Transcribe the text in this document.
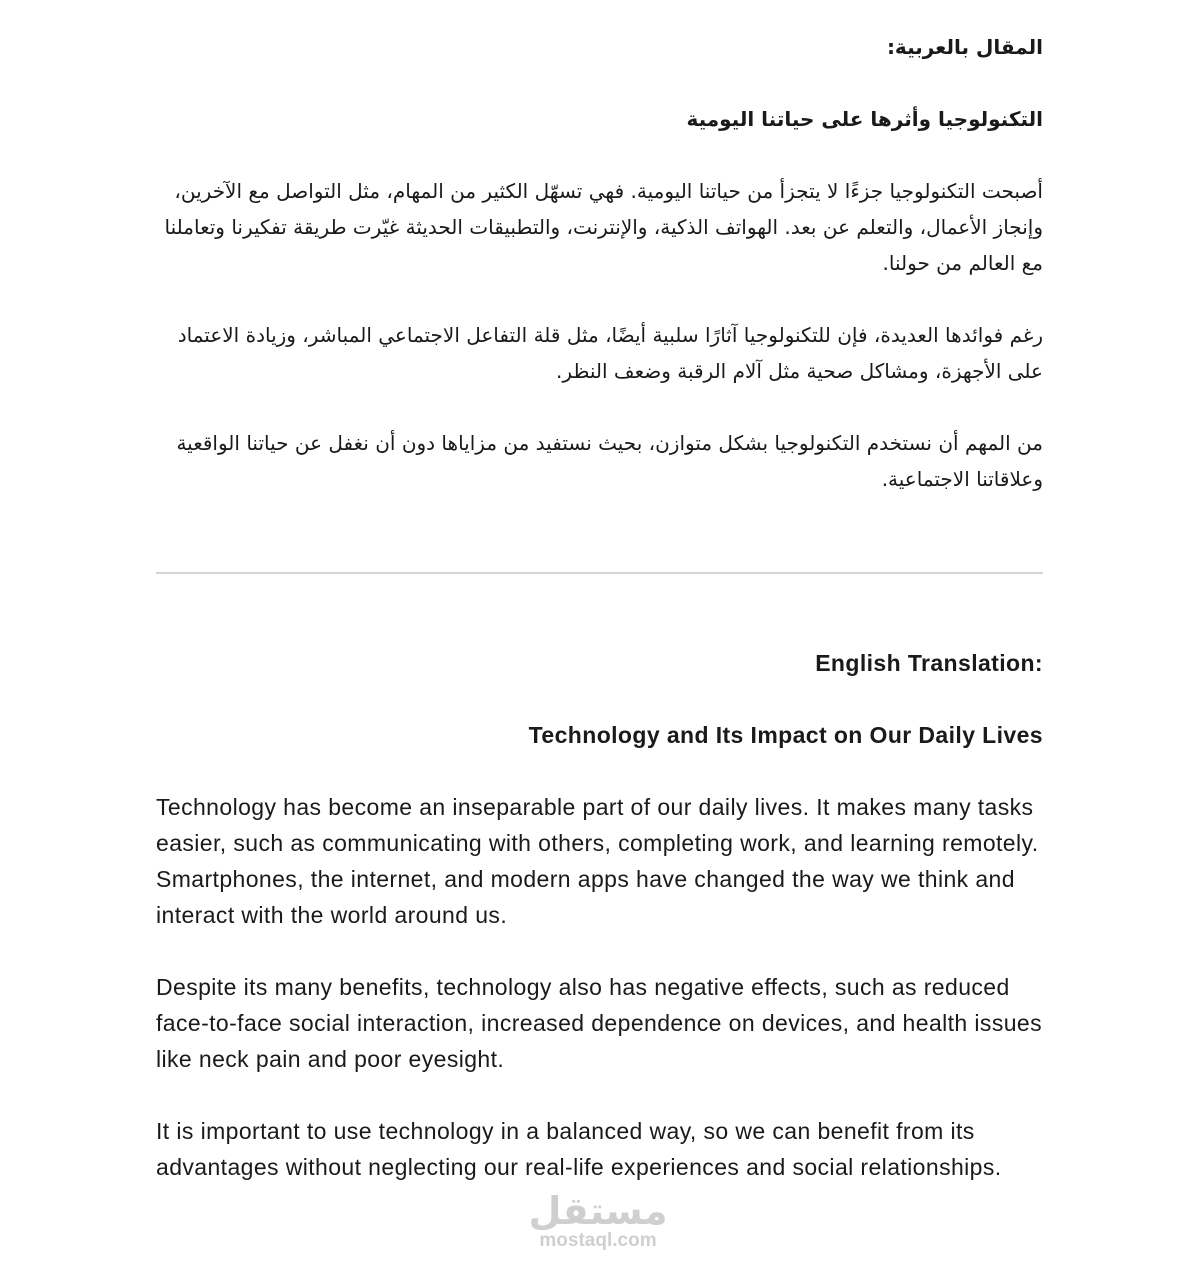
المقال بالعربية:

التكنولوجيا وأثرها على حياتنا اليومية

أصبحت التكنولوجيا جزءًا لا يتجزأ من حياتنا اليومية. فهي تسهّل الكثير من المهام، مثل التواصل مع الآخرين، وإنجاز الأعمال، والتعلم عن بعد. الهواتف الذكية، والإنترنت، والتطبيقات الحديثة غيّرت طريقة تفكيرنا وتعاملنا مع العالم من حولنا.

رغم فوائدها العديدة، فإن للتكنولوجيا آثارًا سلبية أيضًا، مثل قلة التفاعل الاجتماعي المباشر، وزيادة الاعتماد على الأجهزة، ومشاكل صحية مثل آلام الرقبة وضعف النظر.

من المهم أن نستخدم التكنولوجيا بشكل متوازن، بحيث نستفيد من مزاياها دون أن نغفل عن حياتنا الواقعية وعلاقاتنا الاجتماعية.

English Translation:

Technology and Its Impact on Our Daily Lives

Technology has become an inseparable part of our daily lives. It makes many tasks easier, such as communicating with others, completing work, and learning remotely. Smartphones, the internet, and modern apps have changed the way we think and interact with the world around us.

Despite its many benefits, technology also has negative effects, such as reduced face-to-face social interaction, increased dependence on devices, and health issues like neck pain and poor eyesight.

It is important to use technology in a balanced way, so we can benefit from its advantages without neglecting our real-life experiences and social relationships.

مستقل
mostaql.com
